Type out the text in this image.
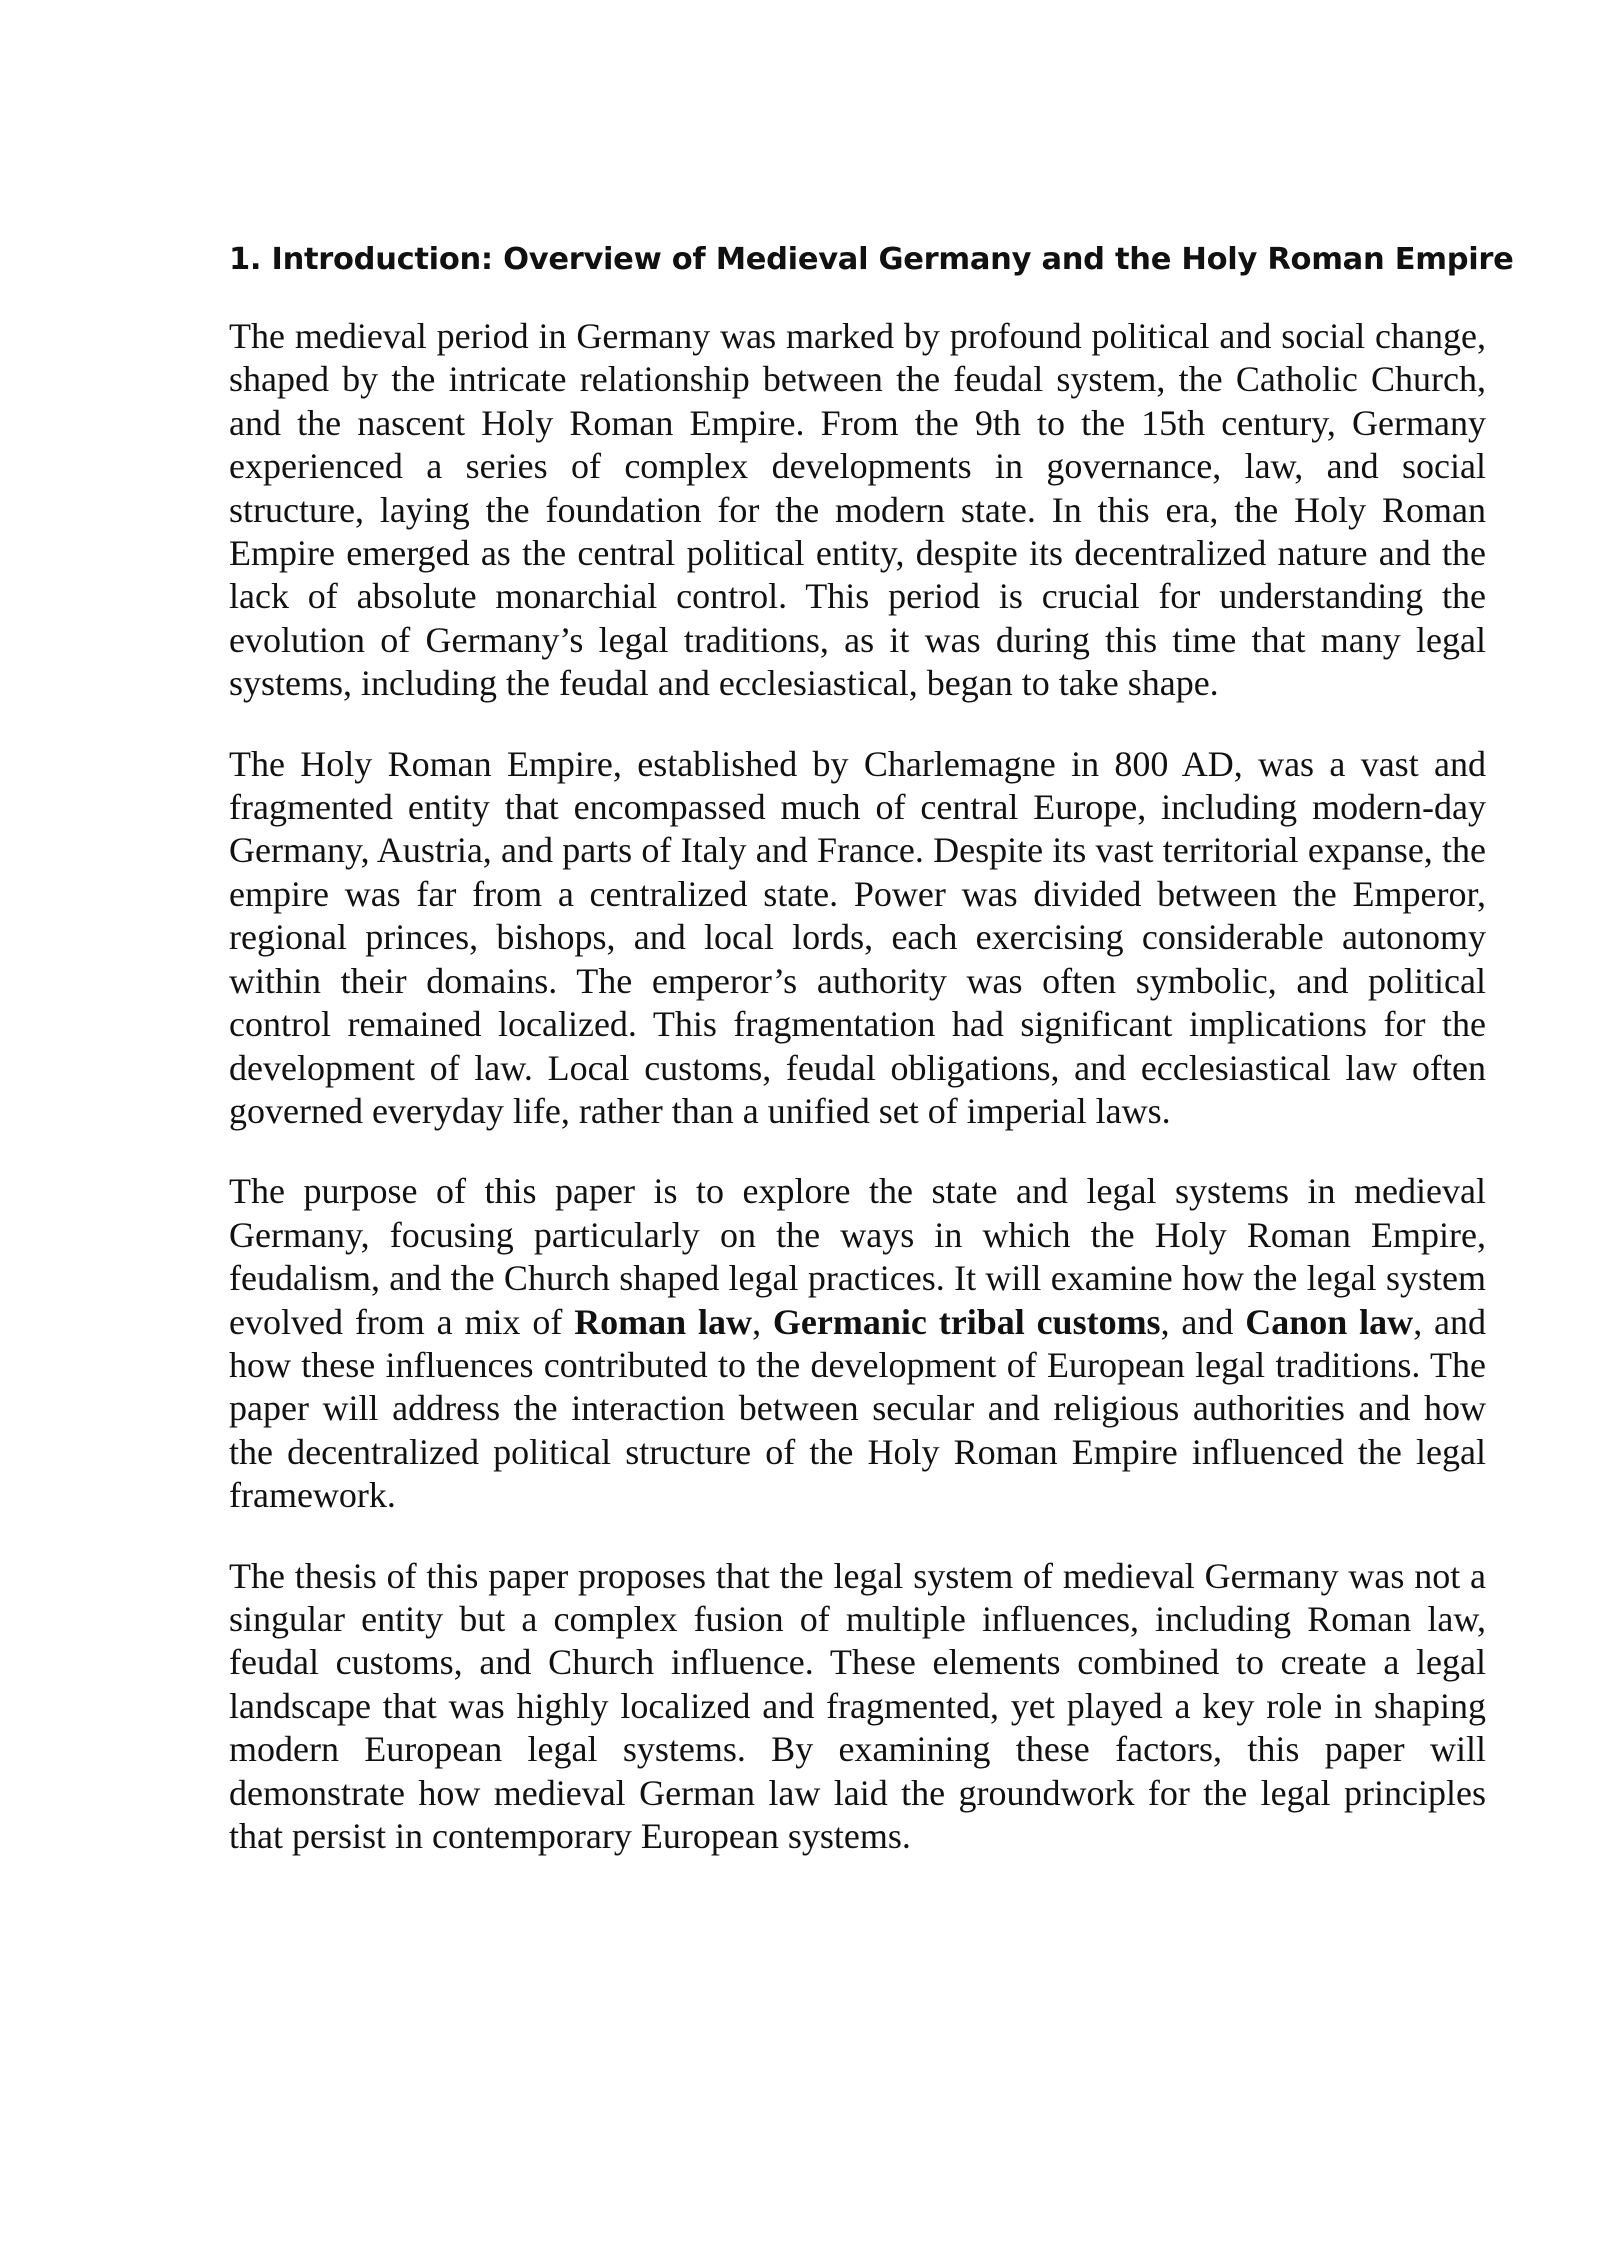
1. Introduction: Overview of Medieval Germany and the Holy Roman Empire

The medieval period in Germany was marked by profound political and social change, shaped by the intricate relationship between the feudal system, the Catholic Church, and the nascent Holy Roman Empire. From the 9th to the 15th century, Germany experienced a series of complex developments in governance, law, and social structure, laying the foundation for the modern state. In this era, the Holy Roman Empire emerged as the central political entity, despite its decentralized nature and the lack of absolute monarchial control. This period is crucial for understanding the evolution of Germany’s legal traditions, as it was during this time that many legal systems, including the feudal and ecclesiastical, began to take shape.

The Holy Roman Empire, established by Charlemagne in 800 AD, was a vast and fragmented entity that encompassed much of central Europe, including modern-day Germany, Austria, and parts of Italy and France. Despite its vast territorial expanse, the empire was far from a centralized state. Power was divided between the Emperor, regional princes, bishops, and local lords, each exercising considerable autonomy within their domains. The emperor’s authority was often symbolic, and political control remained localized. This fragmentation had significant implications for the development of law. Local customs, feudal obligations, and ecclesiastical law often governed everyday life, rather than a unified set of imperial laws.

The purpose of this paper is to explore the state and legal systems in medieval Germany, focusing particularly on the ways in which the Holy Roman Empire, feudalism, and the Church shaped legal practices. It will examine how the legal system evolved from a mix of Roman law, Germanic tribal customs, and Canon law, and how these influences contributed to the development of European legal traditions. The paper will address the interaction between secular and religious authorities and how the decentralized political structure of the Holy Roman Empire influenced the legal framework.

The thesis of this paper proposes that the legal system of medieval Germany was not a singular entity but a complex fusion of multiple influences, including Roman law, feudal customs, and Church influence. These elements combined to create a legal landscape that was highly localized and fragmented, yet played a key role in shaping modern European legal systems. By examining these factors, this paper will demonstrate how medieval German law laid the groundwork for the legal principles that persist in contemporary European systems.
